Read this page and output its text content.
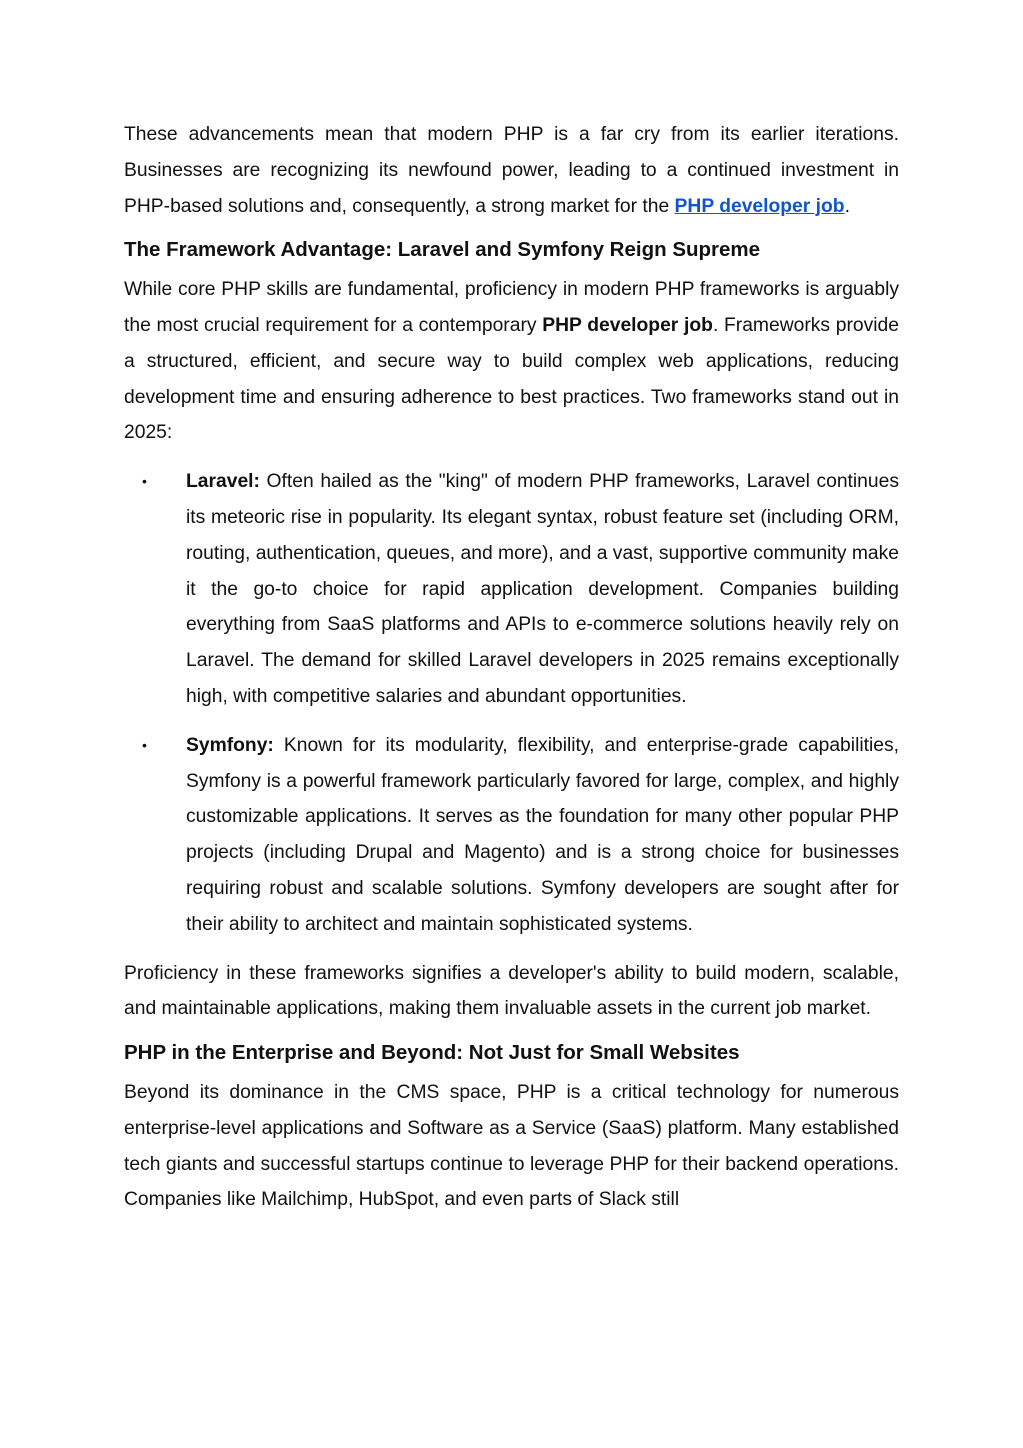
These advancements mean that modern PHP is a far cry from its earlier iterations. Businesses are recognizing its newfound power, leading to a continued investment in PHP-based solutions and, consequently, a strong market for the PHP developer job.

The Framework Advantage: Laravel and Symfony Reign Supreme

While core PHP skills are fundamental, proficiency in modern PHP frameworks is arguably the most crucial requirement for a contemporary PHP developer job. Frameworks provide a structured, efficient, and secure way to build complex web applications, reducing development time and ensuring adherence to best practices. Two frameworks stand out in 2025:

• Laravel: Often hailed as the "king" of modern PHP frameworks, Laravel continues its meteoric rise in popularity. Its elegant syntax, robust feature set (including ORM, routing, authentication, queues, and more), and a vast, supportive community make it the go-to choice for rapid application development. Companies building everything from SaaS platforms and APIs to e-commerce solutions heavily rely on Laravel. The demand for skilled Laravel developers in 2025 remains exceptionally high, with competitive salaries and abundant opportunities.
• Symfony: Known for its modularity, flexibility, and enterprise-grade capabilities, Symfony is a powerful framework particularly favored for large, complex, and highly customizable applications. It serves as the foundation for many other popular PHP projects (including Drupal and Magento) and is a strong choice for businesses requiring robust and scalable solutions. Symfony developers are sought after for their ability to architect and maintain sophisticated systems.

Proficiency in these frameworks signifies a developer's ability to build modern, scalable, and maintainable applications, making them invaluable assets in the current job market.

PHP in the Enterprise and Beyond: Not Just for Small Websites

Beyond its dominance in the CMS space, PHP is a critical technology for numerous enterprise-level applications and Software as a Service (SaaS) platform. Many established tech giants and successful startups continue to leverage PHP for their backend operations. Companies like Mailchimp, HubSpot, and even parts of Slack still
